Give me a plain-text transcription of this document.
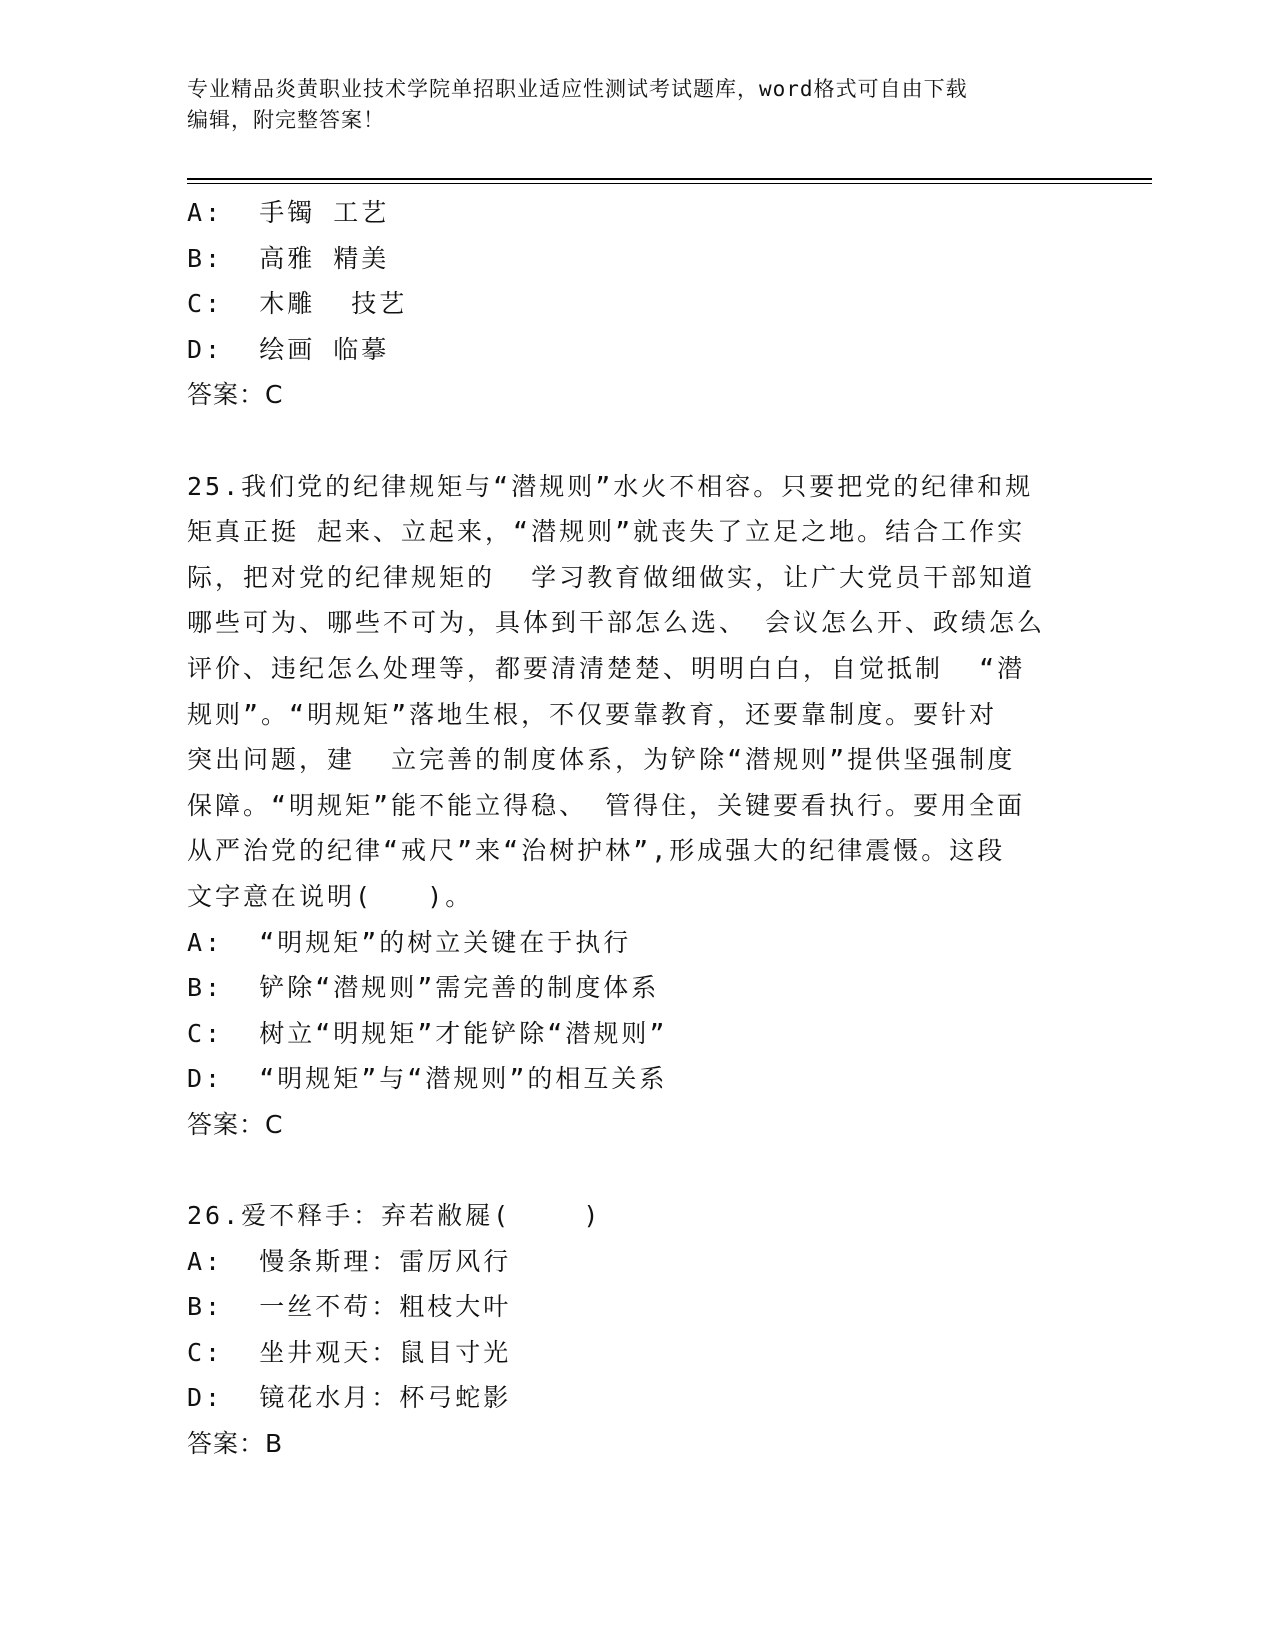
专业精品炎黄职业技术学院单招职业适应性测试考试题库，word格式可自由下载
编辑，附完整答案！
A:  手镯 工艺
B:  高雅 精美
C:  木雕  技艺
D:  绘画 临摹
答案：C
25.我们党的纪律规矩与“潜规则”水火不相容。只要把党的纪律和规
矩真正挺 起来、立起来，“潜规则”就丧失了立足之地。结合工作实
际，把对党的纪律规矩的  学习教育做细做实，让广大党员干部知道
哪些可为、哪些不可为，具体到干部怎么选、 会议怎么开、政绩怎么
评价、违纪怎么处理等，都要清清楚楚、明明白白，自觉抵制  “潜
规则”。“明规矩”落地生根，不仅要靠教育，还要靠制度。要针对
突出问题，建  立完善的制度体系，为铲除“潜规则”提供坚强制度
保障。“明规矩”能不能立得稳、 管得住，关键要看执行。要用全面
从严治党的纪律“戒尺”来“治树护林”,形成强大的纪律震慑。这段
文字意在说明(   )。
A:  “明规矩”的树立关键在于执行
B:  铲除“潜规则”需完善的制度体系
C:  树立“明规矩”才能铲除“潜规则”
D:  “明规矩”与“潜规则”的相互关系
答案：C
26.爱不释手：弃若敝屣(    )
A:  慢条斯理：雷厉风行
B:  一丝不苟：粗枝大叶
C:  坐井观天：鼠目寸光
D:  镜花水月：杯弓蛇影
答案：B
